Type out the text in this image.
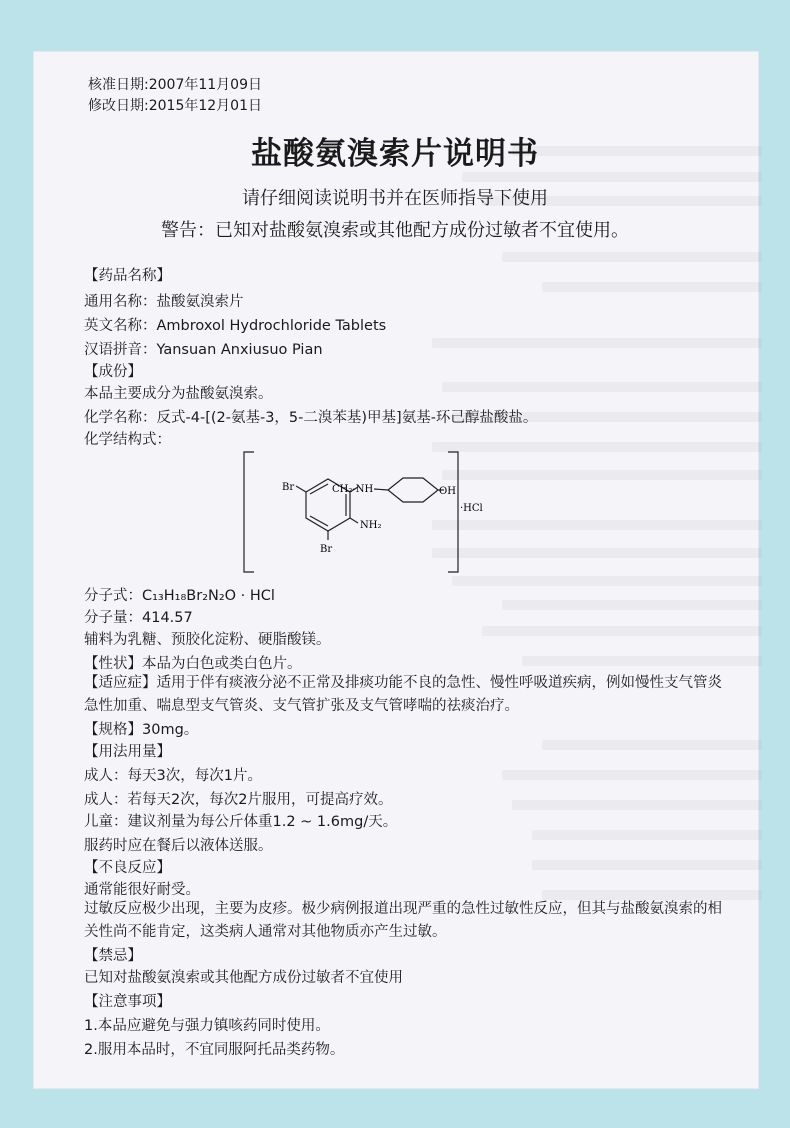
核准日期:2007年11月09日
修改日期:2015年12月01日
盐酸氨溴索片说明书
请仔细阅读说明书并在医师指导下使用
警告：已知对盐酸氨溴索或其他配方成份过敏者不宜使用。
【药品名称】
通用名称：盐酸氨溴索片
英文名称：Ambroxol Hydrochloride Tablets
汉语拼音：Yansuan Anxiusuo Pian
【成份】
本品主要成分为盐酸氨溴索。
化学名称：反式-4-[(2-氨基-3，5-二溴苯基)甲基]氨基-环己醇盐酸盐。
化学结构式：
Br
Br
CH₂-NH
NH₂
OH
·HCl
分子式：C₁₃H₁₈Br₂N₂O · HCl
分子量：414.57
辅料为乳糖、预胶化淀粉、硬脂酸镁。
【性状】本品为白色或类白色片。
【适应症】适用于伴有痰液分泌不正常及排痰功能不良的急性、慢性呼吸道疾病，例如慢性支气管炎急性加重、喘息型支气管炎、支气管扩张及支气管哮喘的祛痰治疗。
【规格】30mg。
【用法用量】
成人：每天3次，每次1片。
成人：若每天2次，每次2片服用，可提高疗效。
儿童：建议剂量为每公斤体重1.2 ~ 1.6mg/天。
服药时应在餐后以液体送服。
【不良反应】
通常能很好耐受。
过敏反应极少出现，主要为皮疹。极少病例报道出现严重的急性过敏性反应，但其与盐酸氨溴索的相关性尚不能肯定，这类病人通常对其他物质亦产生过敏。
【禁忌】
已知对盐酸氨溴索或其他配方成份过敏者不宜使用
【注意事项】
1.本品应避免与强力镇咳药同时使用。
2.服用本品时，不宜同服阿托品类药物。
